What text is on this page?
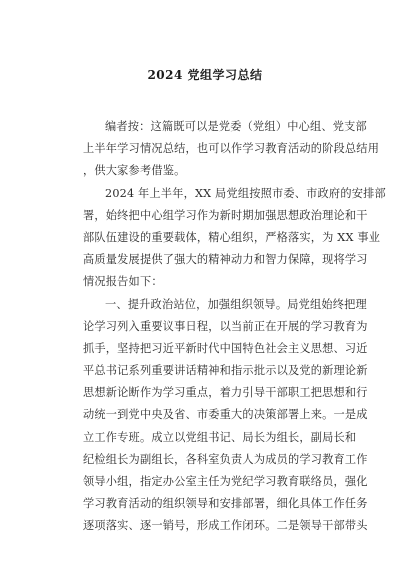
2024 党组学习总结
编者按：这篇既可以是党委（党组）中心组、党支部
上半年学习情况总结，也可以作学习教育活动的阶段总结用
，供大家参考借鉴。
2024 年上半年，XX 局党组按照市委、市政府的安排部
署，始终把中心组学习作为新时期加强思想政治理论和干
部队伍建设的重要载体，精心组织，严格落实，为 XX 事业
高质量发展提供了强大的精神动力和智力保障，现将学习
情况报告如下：
一、提升政治站位，加强组织领导。局党组始终把理
论学习列入重要议事日程，以当前正在开展的学习教育为
抓手，坚持把习近平新时代中国特色社会主义思想、习近
平总书记系列重要讲话精神和指示批示以及党的新理论新
思想新论断作为学习重点，着力引导干部职工把思想和行
动统一到党中央及省、市委重大的决策部署上来。一是成
立工作专班。成立以党组书记、局长为组长，副局长和
纪检组长为副组长，各科室负责人为成员的学习教育工作
领导小组，指定办公室主任为党纪学习教育联络员，强化
学习教育活动的组织领导和安排部署，细化具体工作任务
逐项落实、逐一销号，形成工作闭环。二是领导干部带头
